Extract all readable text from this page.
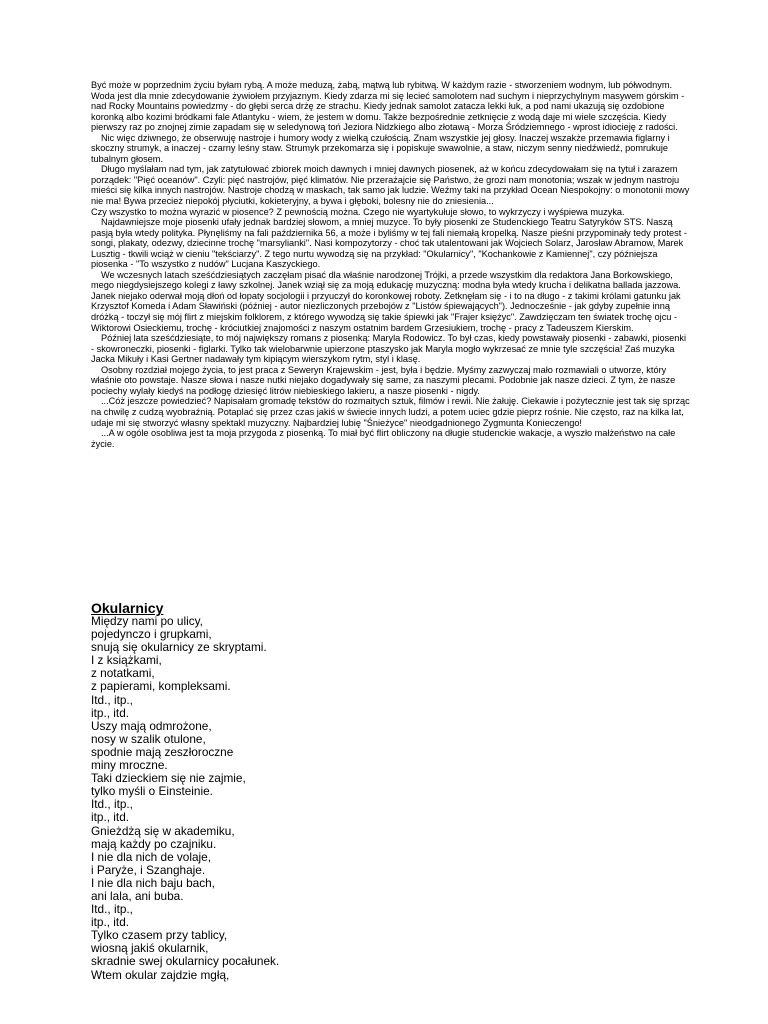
Być może w poprzednim życiu byłam rybą. A może meduzą, żabą, mątwą lub rybitwą. W każdym razie - stworzeniem wodnym, lub półwodnym. Woda jest dla mnie zdecydowanie żywiołem przyjaznym. Kiedy zdarza mi się lecieć samolotem nad suchym i nieprzychylnym masywem górskim - nad Rocky Mountains powiedzmy - do głębi serca drżę ze strachu. Kiedy jednak samolot zatacza lekki łuk, a pod nami ukazują się ozdobione koronką albo kozimi bródkami fale Atlantyku - wiem, że jestem w domu. Także bezpośrednie zetknięcie z wodą daje mi wiele szczęścia. Kiedy pierwszy raz po znojnej zimie zapadam się w seledynową toń Jeziora Nidzkiego albo złotawą - Morza Śródziemnego - wprost idiocieję z radości.

Nic więc dziwnego, że obserwuję nastroje i humory wody z wielką czułością. Znam wszystkie jej głosy. Inaczej wszakże przemawia figlarny i skoczny strumyk, a inaczej - czarny leśny staw. Strumyk przekomarza się i popiskuje swawolnie, a staw, niczym senny niedźwiedź, pomrukuje tubalnym głosem.

Długo myślałam nad tym, jak zatytułować zbiorek moich dawnych i mniej dawnych piosenek, aż w końcu zdecydowałam się na tytuł i zarazem porządek: "Pięć oceanów". Czyli: pięć nastrojów, pięć klimatów. Nie przerażajcie się Państwo, że grozi nam monotonia; wszak w jednym nastroju mieści się kilka innych nastrojów. Nastroje chodzą w maskach, tak samo jak ludzie. Weźmy taki na przykład Ocean Niespokojny: o monotonii mowy nie ma! Bywa przecież niepokój płyciutki, kokieteryjny, a bywa i głęboki, bolesny nie do zniesienia...

Czy wszystko to można wyrazić w piosence? Z pewnością można. Czego nie wyartykułuje słowo, to wykrzyczy i wyśpiewa muzyka.

Najdawniejsze moje piosenki ufały jednak bardziej słowom, a mniej muzyce. To były piosenki ze Studenckiego Teatru Satyryków STS. Naszą pasją była wtedy polityka. Płynęliśmy na fali października 56, a może i byliśmy w tej fali niemałą kropelką. Nasze pieśni przypominały tedy protest - songi, plakaty, odezwy, dziecinne trochę "marsylianki". Nasi kompozytorzy - choć tak utalentowani jak Wojciech Solarz, Jarosław Abramow, Marek Lusztig - tkwili wciąż w cieniu "tekściarzy". Z tego nurtu wywodzą się na przykład: "Okularnicy", "Kochankowie z Kamiennej", czy późniejsza piosenka - "To wszystko z nudów" Lucjana Kaszyckiego.

We wczesnych latach sześćdziesiątych zaczęłam pisać dla właśnie narodzonej Trójki, a przede wszystkim dla redaktora Jana Borkowskiego, mego niegdysiejszego kolegi z ławy szkolnej. Janek wziął się za moją edukację muzyczną: modna była wtedy krucha i delikatna ballada jazzowa. Janek niejako oderwał moją dłoń od łopaty socjologii i przyuczył do koronkowej roboty. Zetknęłam się - i to na długo - z takimi królami gatunku jak Krzysztof Komeda i Adam Sławiński (później - autor niezliczonych przebojów z "Listów śpiewających"). Jednocześnie - jak gdyby zupełnie inną dróżką - toczył się mój flirt z miejskim folklorem, z którego wywodzą się takie śpiewki jak "Frajer księżyc". Zawdzięczam ten światek trochę ojcu - Wiktorowi Osieckiemu, trochę - króciutkiej znajomości z naszym ostatnim bardem Grzesiukiem, trochę - pracy z Tadeuszem Kierskim.

Później lata sześćdziesiąte, to mój największy romans z piosenką: Maryla Rodowicz. To był czas, kiedy powstawały piosenki - zabawki, piosenki - skowroneczki, piosenki - figlarki. Tylko tak wielobarwnie upierzone ptaszysko jak Maryla mogło wykrzesać ze mnie tyle szczęścia! Zaś muzyka Jacka Mikuły i Kasi Gertner nadawały tym kipiącym wierszykom rytm, styl i klasę.

Osobny rozdział mojego życia, to jest praca z Seweryn Krajewskim - jest, była i będzie. Myśmy zazwyczaj mało rozmawiali o utworze, który właśnie oto powstaje. Nasze słowa i nasze nutki niejako dogadywały się same, za naszymi plecami. Podobnie jak nasze dzieci. Z tym, że nasze pociechy wylały kiedyś na podłogę dziesięć litrów niebieskiego lakieru, a nasze piosenki - nigdy.

...Cóż jeszcze powiedzieć? Napisałam gromadę tekstów do rozmaitych sztuk, filmów i rewii. Nie żałuję. Ciekawie i pożytecznie jest tak się sprząc na chwilę z cudzą wyobraźnią. Potaplać się przez czas jakiś w świecie innych ludzi, a potem uciec gdzie pieprz rośnie. Nie często, raz na kilka lat, udaje mi się stworzyć własny spektakl muzyczny. Najbardziej lubię "Śnieżyce" nieodgadnionego Zygmunta Konieczengo!

...A w ogóle osobliwa jest ta moja przygoda z piosenką. To miał być flirt obliczony na długie studenckie wakacje, a wyszło małżeństwo na całe życie.

Okularnicy
Między nami po ulicy,
pojedynczo i grupkami,
snują się okularnicy ze skryptami.
I z książkami,
z notatkami,
z papierami, kompleksami.
Itd., itp.,
itp., itd.
Uszy mają odmrożone,
nosy w szalik otulone,
spodnie mają zeszłoroczne
miny mroczne.
Taki dzieckiem się nie zajmie,
tylko myśli o Einsteinie.
Itd., itp.,
itp., itd.
Gnieżdżą się w akademiku,
mają każdy po czajniku.
I nie dla nich de volaje,
i Paryże, i Szanghaje.
I nie dla nich baju bach,
ani lala, ani buba.
Itd., itp.,
itp., itd.
Tylko czasem przy tablicy,
wiosną jakiś okularnik,
skradnie swej okularnicy pocałunek.
Wtem okular zajdzie mgłą,
